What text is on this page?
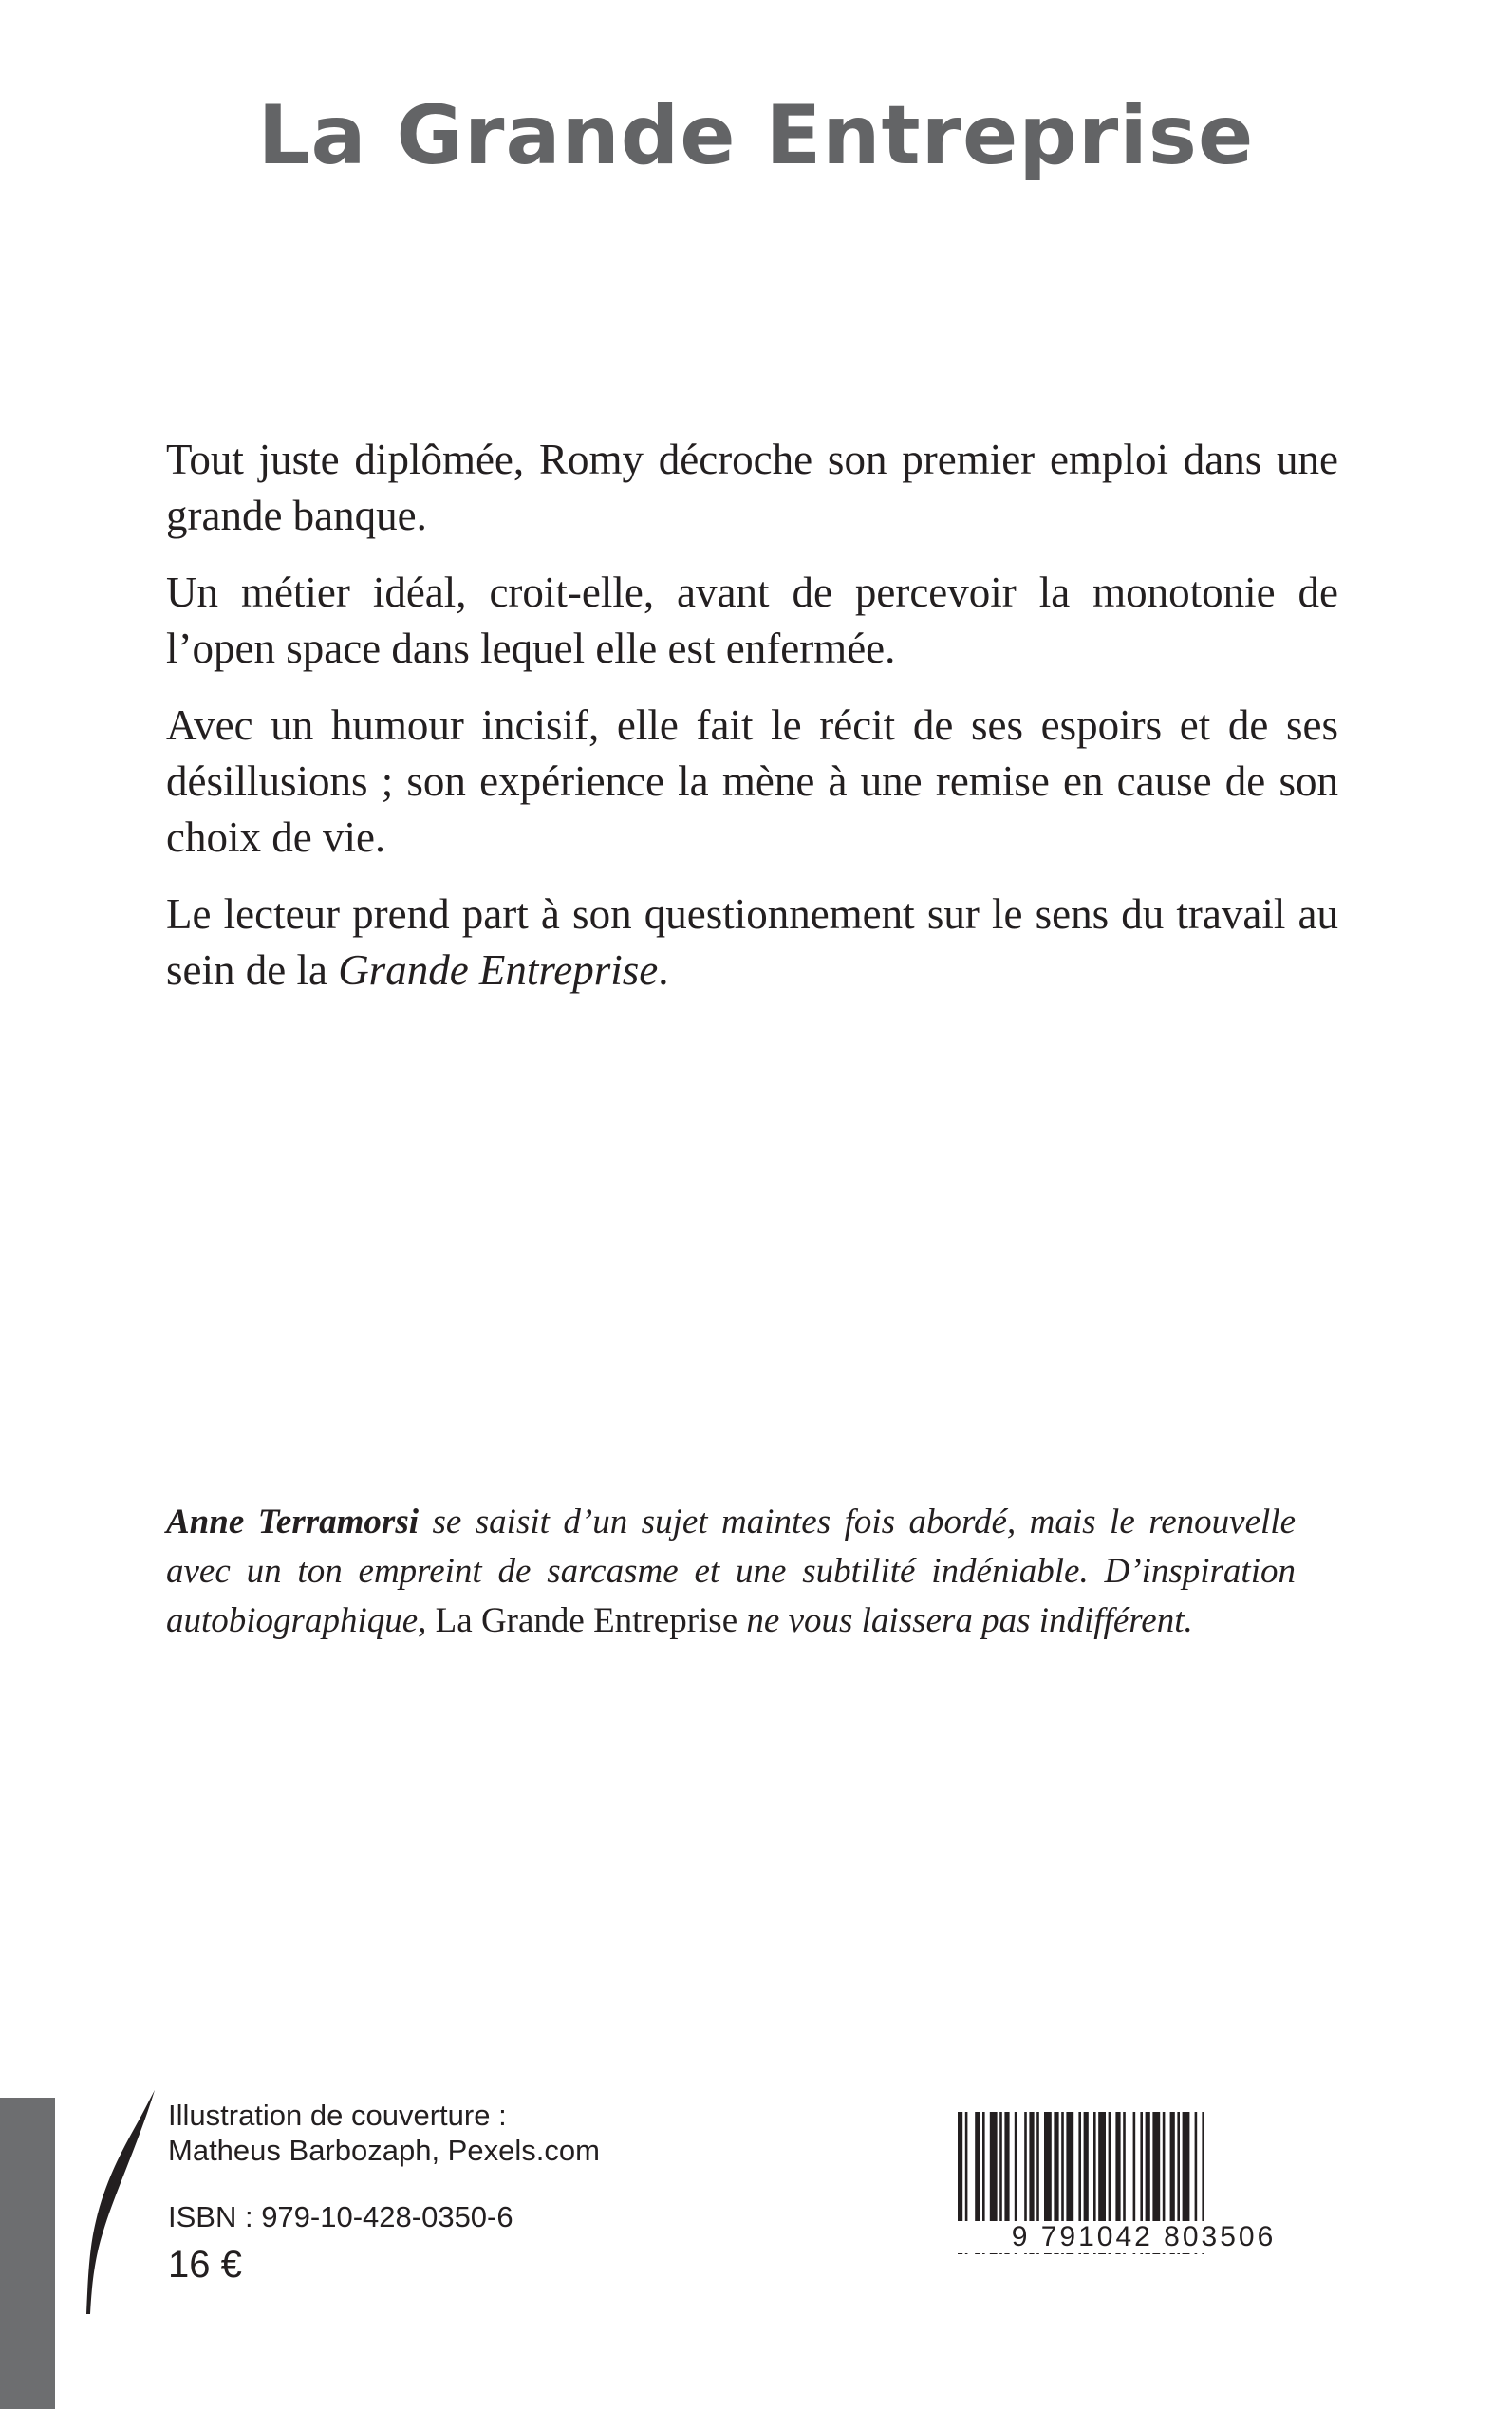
La Grande Entreprise

Tout juste diplômée, Romy décroche son premier emploi dans une grande banque.

Un métier idéal, croit-elle, avant de percevoir la monotonie de l’open space dans lequel elle est enfermée.

Avec un humour incisif, elle fait le récit de ses espoirs et de ses désillusions ; son expérience la mène à une remise en cause de son choix de vie.

Le lecteur prend part à son questionnement sur le sens du travail au sein de la Grande Entreprise.

Anne Terramorsi se saisit d’un sujet maintes fois abordé, mais le renouvelle avec un ton empreint de sarcasme et une subtilité indéniable. D’inspiration autobiographique, La Grande Entreprise ne vous laissera pas indifférent.

Illustration de couverture :
Matheus Barbozaph, Pexels.com
ISBN : 979-10-428-0350-6
16 €
9 791042 803506
